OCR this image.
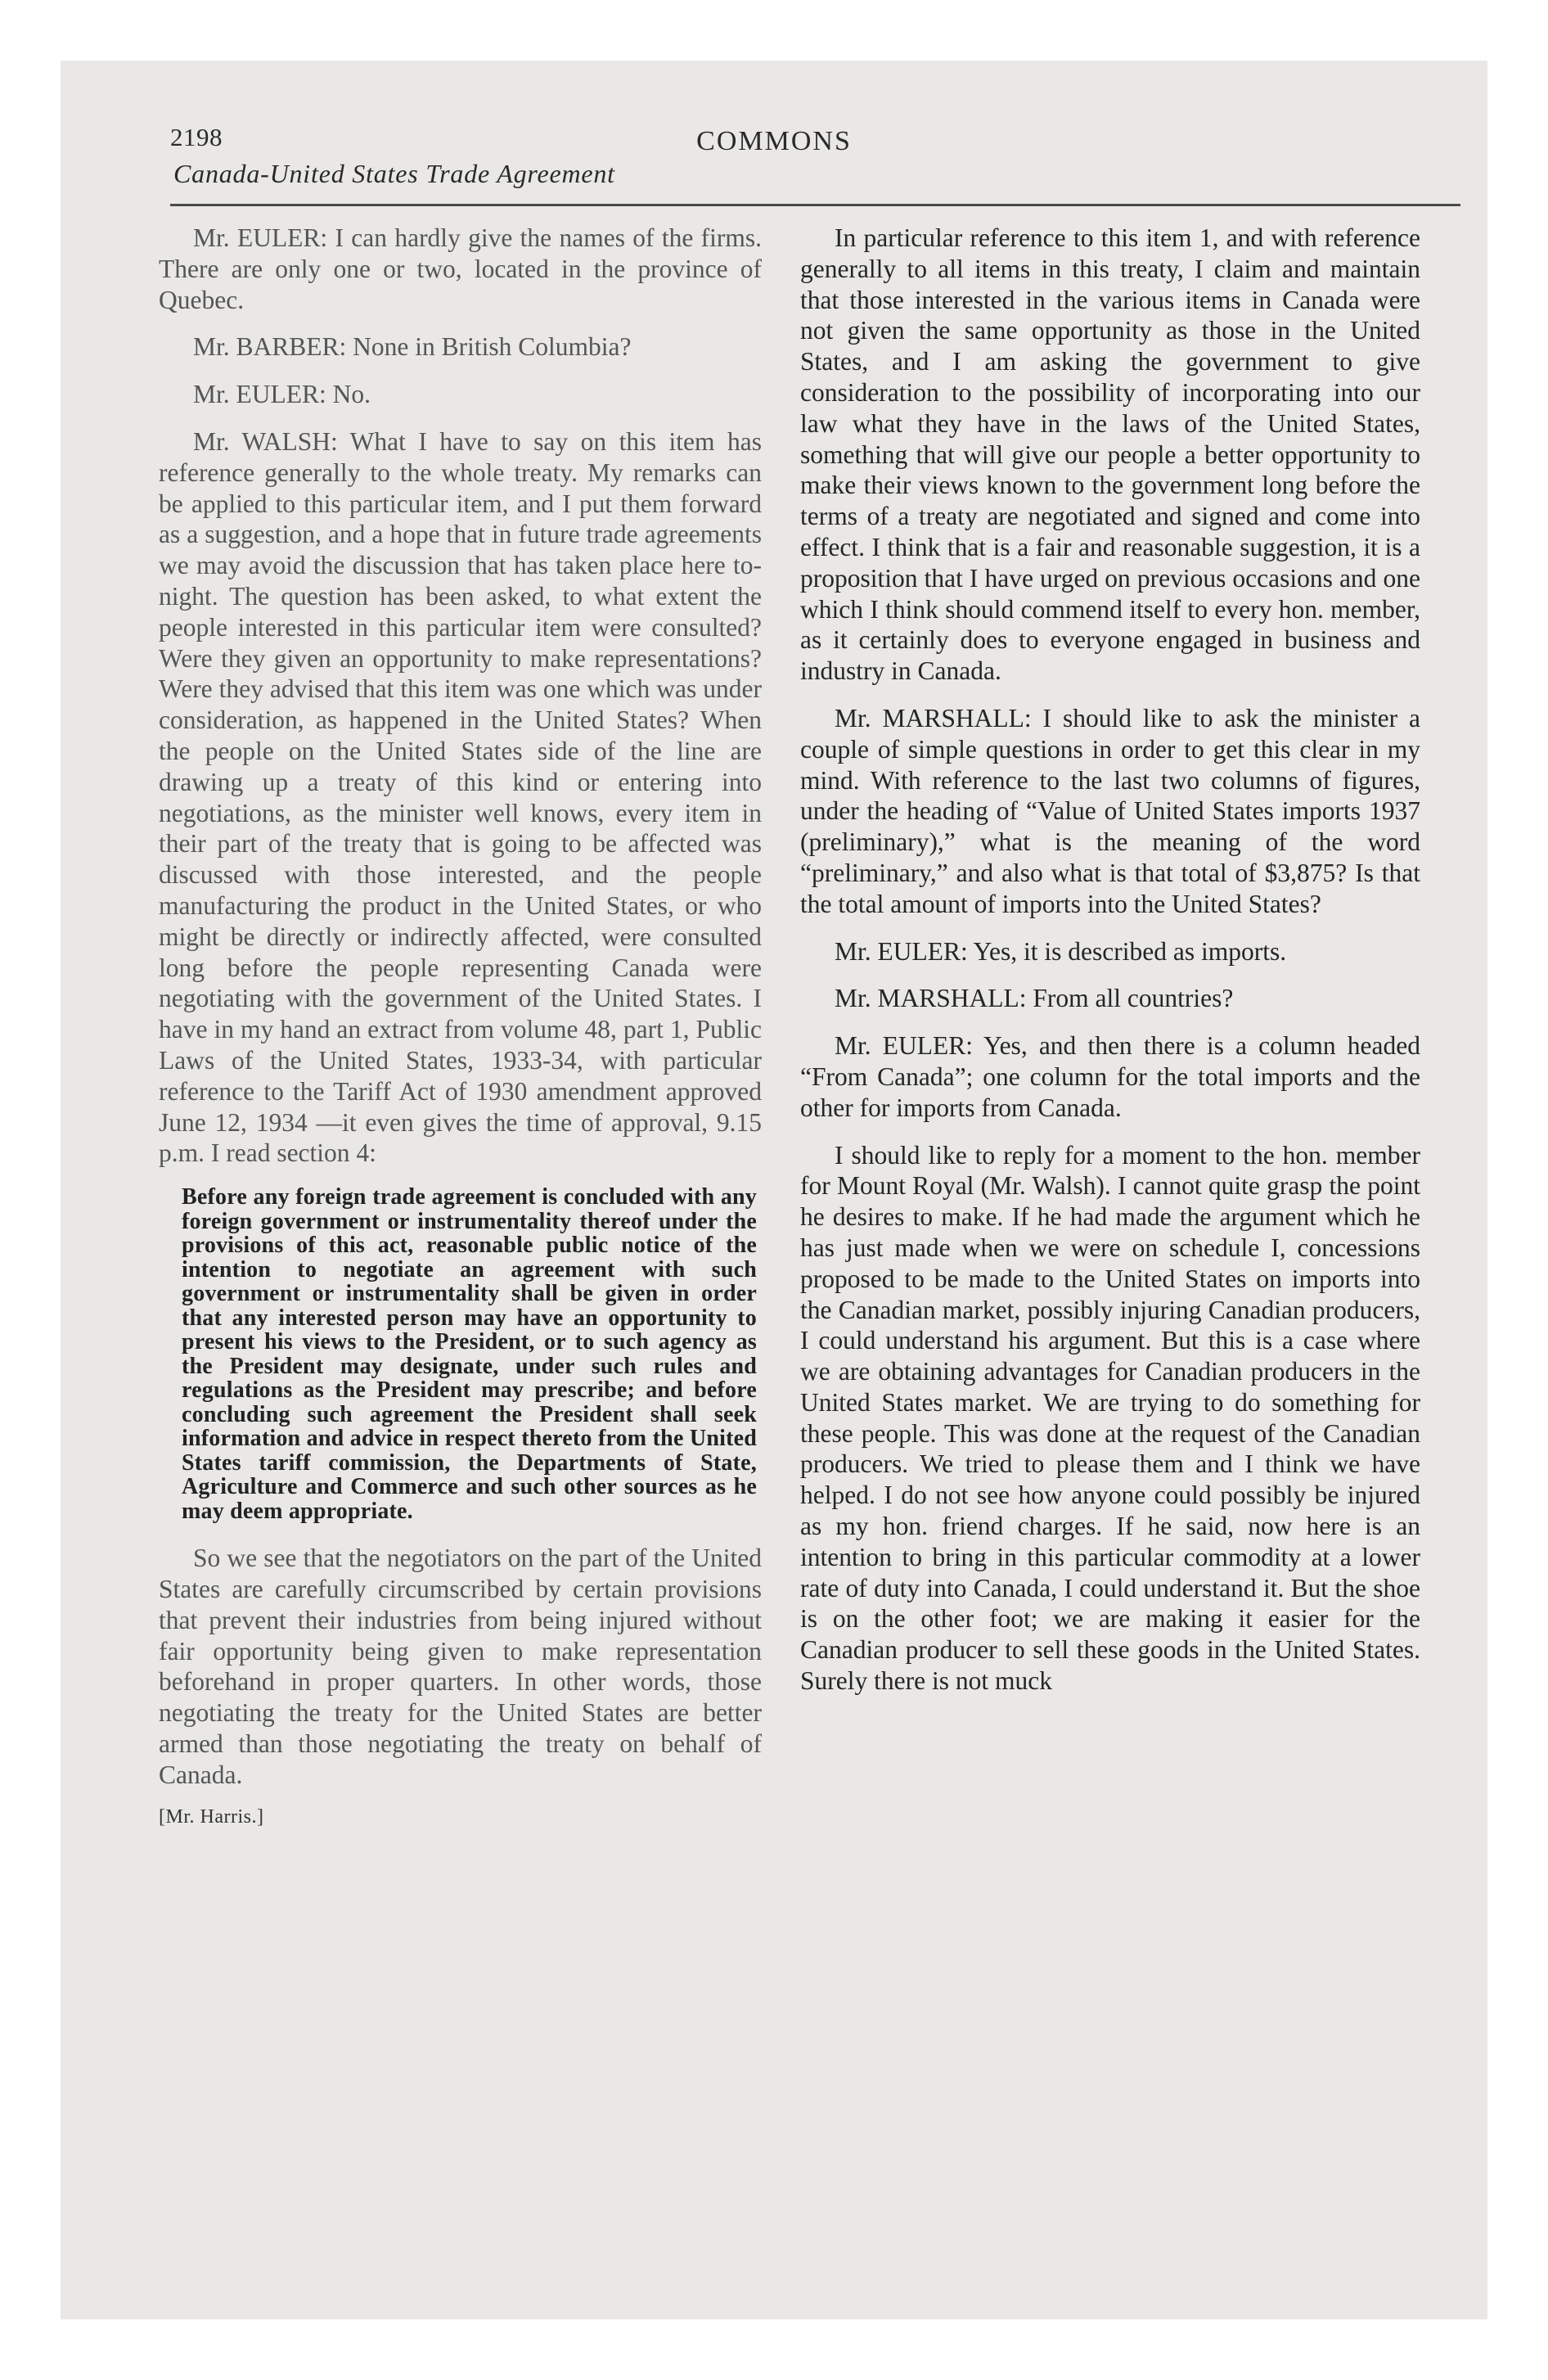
2198	COMMONS
Canada-United States Trade Agreement

Mr. EULER: I can hardly give the names of the firms. There are only one or two, located in the province of Quebec.

Mr. BARBER: None in British Columbia?

Mr. EULER: No.

Mr. WALSH: What I have to say on this item has reference generally to the whole treaty. My remarks can be applied to this particular item, and I put them forward as a suggestion, and a hope that in future trade agreements we may avoid the discussion that has taken place here to-night. The question has been asked, to what extent the people interested in this particular item were consulted? Were they given an opportunity to make representations? Were they advised that this item was one which was under consideration, as happened in the United States? When the people on the United States side of the line are drawing up a treaty of this kind or entering into negotiations, as the minister well knows, every item in their part of the treaty that is going to be affected was discussed with those interested, and the people manufacturing the product in the United States, or who might be directly or indirectly affected, were consulted long before the people representing Canada were negotiating with the government of the United States. I have in my hand an extract from volume 48, part 1, Public Laws of the United States, 1933-34, with particular reference to the Tariff Act of 1930 amendment approved June 12, 1934 —it even gives the time of approval, 9.15 p.m. I read section 4:

Before any foreign trade agreement is concluded with any foreign government or instrumentality thereof under the provisions of this act, reasonable public notice of the intention to negotiate an agreement with such government or instrumentality shall be given in order that any interested person may have an opportunity to present his views to the President, or to such agency as the President may designate, under such rules and regulations as the President may prescribe; and before concluding such agreement the President shall seek information and advice in respect thereto from the United States tariff commission, the Departments of State, Agriculture and Commerce and such other sources as he may deem appropriate.

So we see that the negotiators on the part of the United States are carefully circumscribed by certain provisions that prevent their industries from being injured without fair opportunity being given to make representation beforehand in proper quarters. In other words, those negotiating the treaty for the United States are better armed than those negotiating the treaty on behalf of Canada.

[Mr. Harris.]

In particular reference to this item 1, and with reference generally to all items in this treaty, I claim and maintain that those interested in the various items in Canada were not given the same opportunity as those in the United States, and I am asking the government to give consideration to the possibility of incorporating into our law what they have in the laws of the United States, something that will give our people a better opportunity to make their views known to the government long before the terms of a treaty are negotiated and signed and come into effect. I think that is a fair and reasonable suggestion, it is a proposition that I have urged on previous occasions and one which I think should commend itself to every hon. member, as it certainly does to everyone engaged in business and industry in Canada.

Mr. MARSHALL: I should like to ask the minister a couple of simple questions in order to get this clear in my mind. With reference to the last two columns of figures, under the heading of “Value of United States imports 1937 (preliminary),” what is the meaning of the word “preliminary,” and also what is that total of $3,875? Is that the total amount of imports into the United States?

Mr. EULER: Yes, it is described as imports.

Mr. MARSHALL: From all countries?

Mr. EULER: Yes, and then there is a column headed “From Canada”; one column for the total imports and the other for imports from Canada.

I should like to reply for a moment to the hon. member for Mount Royal (Mr. Walsh). I cannot quite grasp the point he desires to make. If he had made the argument which he has just made when we were on schedule I, concessions proposed to be made to the United States on imports into the Canadian market, possibly injuring Canadian producers, I could understand his argument. But this is a case where we are obtaining advantages for Canadian producers in the United States market. We are trying to do something for these people. This was done at the request of the Canadian producers. We tried to please them and I think we have helped. I do not see how anyone could possibly be injured as my hon. friend charges. If he said, now here is an intention to bring in this particular commodity at a lower rate of duty into Canada, I could understand it. But the shoe is on the other foot; we are making it easier for the Canadian producer to sell these goods in the United States. Surely there is not muck
